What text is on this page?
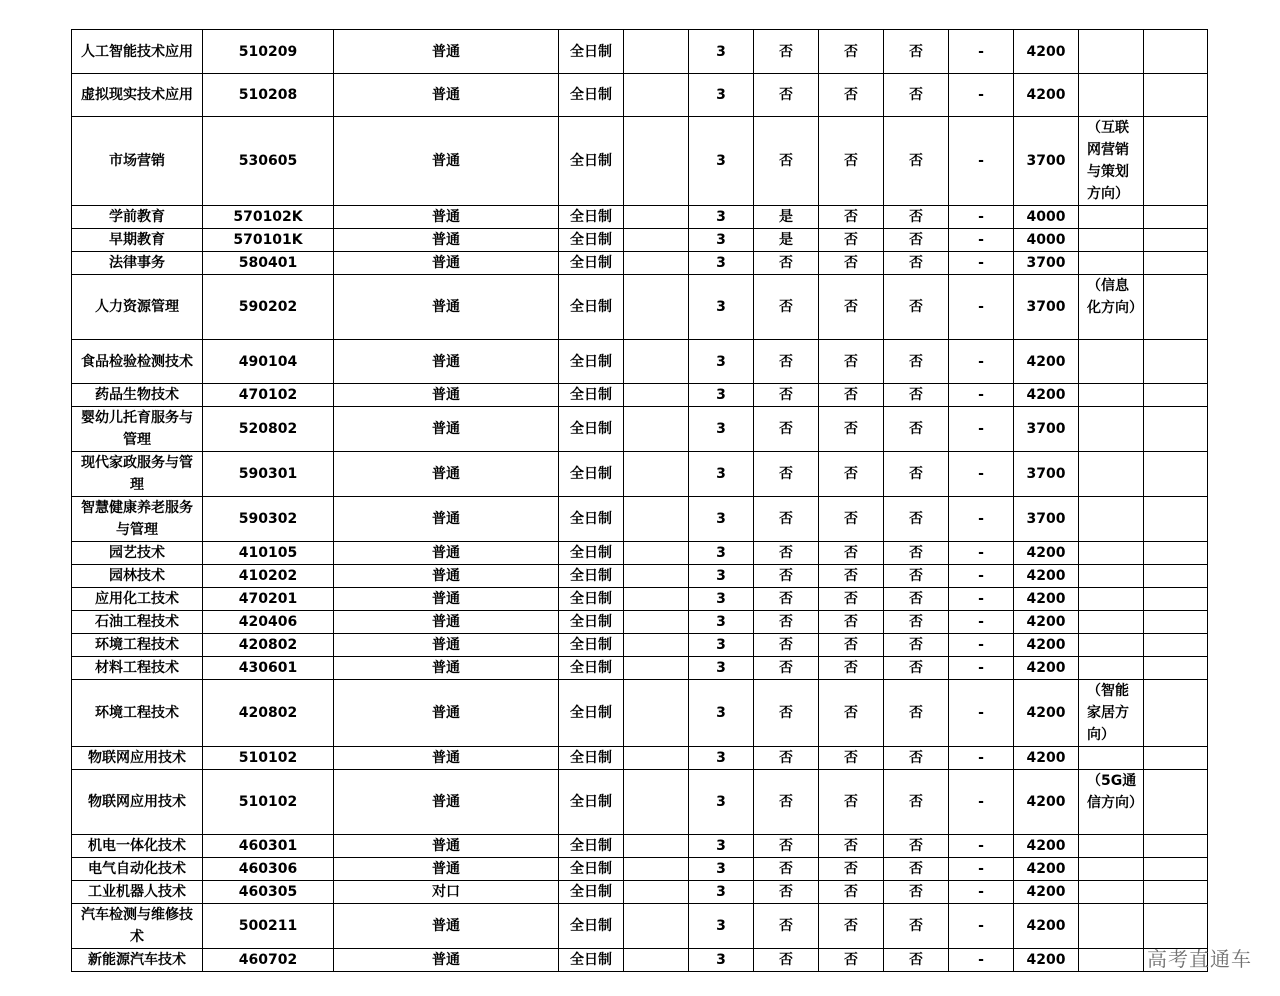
人工智能技术应用	510209	普通	全日制		3	否	否	否	-	4200		
虚拟现实技术应用	510208	普通	全日制		3	否	否	否	-	4200		
市场营销	530605	普通	全日制		3	否	否	否	-	3700	（互联网营销与策划方向）	
学前教育	570102K	普通	全日制		3	是	否	否	-	4000		
早期教育	570101K	普通	全日制		3	是	否	否	-	4000		
法律事务	580401	普通	全日制		3	否	否	否	-	3700		
人力资源管理	590202	普通	全日制		3	否	否	否	-	3700	（信息化方向）	
食品检验检测技术	490104	普通	全日制		3	否	否	否	-	4200		
药品生物技术	470102	普通	全日制		3	否	否	否	-	4200		
婴幼儿托育服务与管理	520802	普通	全日制		3	否	否	否	-	3700		
现代家政服务与管理	590301	普通	全日制		3	否	否	否	-	3700		
智慧健康养老服务与管理	590302	普通	全日制		3	否	否	否	-	3700		
园艺技术	410105	普通	全日制		3	否	否	否	-	4200		
园林技术	410202	普通	全日制		3	否	否	否	-	4200		
应用化工技术	470201	普通	全日制		3	否	否	否	-	4200		
石油工程技术	420406	普通	全日制		3	否	否	否	-	4200		
环境工程技术	420802	普通	全日制		3	否	否	否	-	4200		
材料工程技术	430601	普通	全日制		3	否	否	否	-	4200		
环境工程技术	420802	普通	全日制		3	否	否	否	-	4200	（智能家居方向）	
物联网应用技术	510102	普通	全日制		3	否	否	否	-	4200		
物联网应用技术	510102	普通	全日制		3	否	否	否	-	4200	（5G通信方向）	
机电一体化技术	460301	普通	全日制		3	否	否	否	-	4200		
电气自动化技术	460306	普通	全日制		3	否	否	否	-	4200		
工业机器人技术	460305	对口	全日制		3	否	否	否	-	4200		
汽车检测与维修技术	500211	普通	全日制		3	否	否	否	-	4200		
新能源汽车技术	460702	普通	全日制		3	否	否	否	-	4200			高考直通车
